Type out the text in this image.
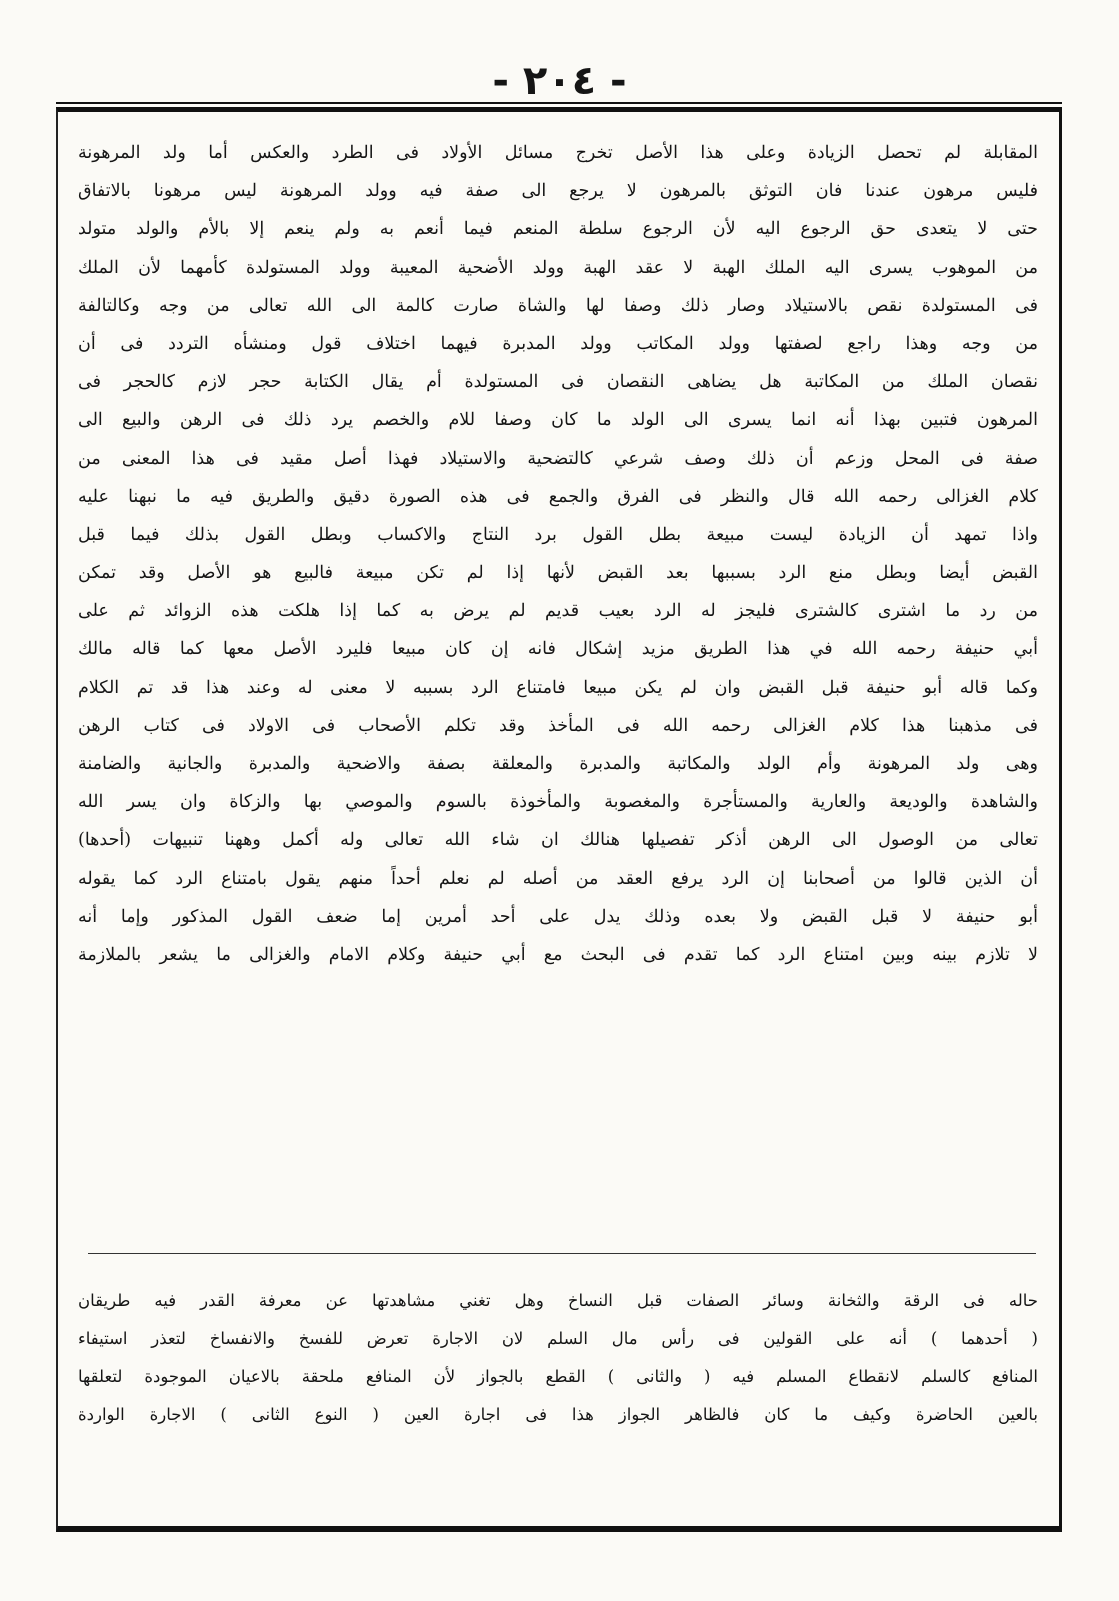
- ٢٠٤ -
المقابلة لم تحصل الزيادة وعلى هذا الأصل تخرج مسائل الأولاد فى الطرد والعكس أما ولد المرهونة
فليس مرهون عندنا فان التوثق بالمرهون لا يرجع الى صفة فيه وولد المرهونة ليس مرهونا بالاتفاق
حتى لا يتعدى حق الرجوع اليه لأن الرجوع سلطة المنعم فيما أنعم به ولم ينعم إلا بالأم والولد متولد
من الموهوب يسرى اليه الملك الهبة لا عقد الهبة وولد الأضحية المعيبة وولد المستولدة كأمهما لأن الملك
فى المستولدة نقص بالاستيلاد وصار ذلك وصفا لها والشاة صارت كالمة الى الله تعالى من وجه وكالتالفة
من وجه وهذا راجع لصفتها وولد المكاتب وولد المدبرة فيهما اختلاف قول ومنشأه التردد فى أن
نقصان الملك من المكاتبة هل يضاهى النقصان فى المستولدة أم يقال الكتابة حجر لازم كالحجر فى
المرهون فتبين بهذا أنه انما يسرى الى الولد ما كان وصفا للام والخصم يرد ذلك فى الرهن والبيع الى
صفة فى المحل وزعم أن ذلك وصف شرعي كالتضحية والاستيلاد فهذا أصل مقيد فى هذا المعنى من
كلام الغزالى رحمه الله قال والنظر فى الفرق والجمع فى هذه الصورة دقيق والطريق فيه ما نبهنا عليه
واذا تمهد أن الزيادة ليست مبيعة بطل القول برد النتاج والاكساب وبطل القول بذلك فيما قبل
القبض أيضا وبطل منع الرد بسببها بعد القبض لأنها إذا لم تكن مبيعة فالبيع هو الأصل وقد تمكن
من رد ما اشترى كالشترى فليجز له الرد بعيب قديم لم يرض به كما إذا هلكت هذه الزوائد ثم على
أبي حنيفة رحمه الله في هذا الطريق مزيد إشكال فانه إن كان مبيعا فليرد الأصل معها كما قاله مالك
وكما قاله أبو حنيفة قبل القبض وان لم يكن مبيعا فامتناع الرد بسببه لا معنى له وعند هذا قد تم الكلام
فى مذهبنا هذا كلام الغزالى رحمه الله فى المأخذ وقد تكلم الأصحاب فى الاولاد فى كتاب الرهن
وهى ولد المرهونة وأم الولد والمكاتبة والمدبرة والمعلقة بصفة والاضحية والمدبرة والجانية والضامنة
والشاهدة والوديعة والعارية والمستأجرة والمغصوبة والمأخوذة بالسوم والموصي بها والزكاة وان يسر الله
تعالى من الوصول الى الرهن أذكر تفصيلها هنالك ان شاء الله تعالى وله أكمل وههنا تنبيهات (أحدها)
أن الذين قالوا من أصحابنا إن الرد يرفع العقد من أصله لم نعلم أحداً منهم يقول بامتناع الرد كما يقوله
أبو حنيفة لا قبل القبض ولا بعده وذلك يدل على أحد أمرين إما ضعف القول المذكور وإما أنه
لا تلازم بينه وبين امتناع الرد كما تقدم فى البحث مع أبي حنيفة وكلام الامام والغزالى ما يشعر بالملازمة
حاله فى الرقة والثخانة وسائر الصفات قبل النساخ وهل تغني مشاهدتها عن معرفة القدر فيه طريقان
( أحدهما ) أنه على القولين فى رأس مال السلم لان الاجارة تعرض للفسخ والانفساخ لتعذر استيفاء
المنافع كالسلم لانقطاع المسلم فيه ( والثانى ) القطع بالجواز لأن المنافع ملحقة بالاعيان الموجودة لتعلقها
بالعين الحاضرة وكيف ما كان فالظاهر الجواز هذا فى اجارة العين ( النوع الثانى ) الاجارة الواردة
